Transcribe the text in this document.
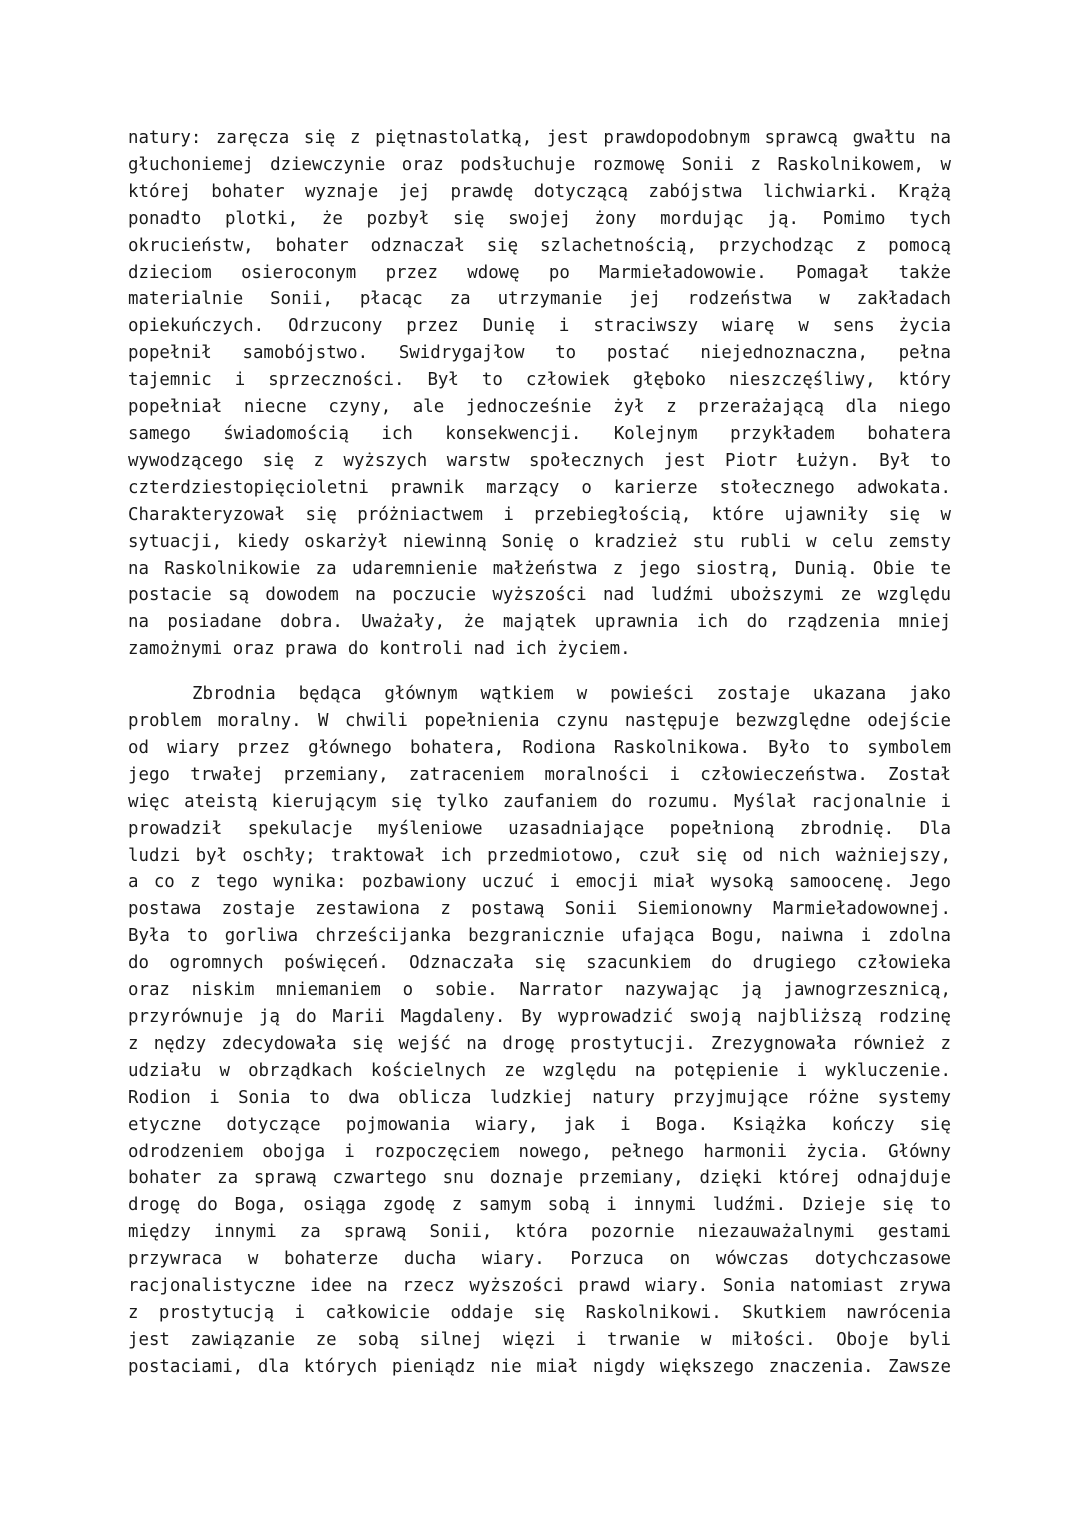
natury: zaręcza się z piętnastolatką, jest prawdopodobnym sprawcą gwałtu na
głuchoniemej dziewczynie oraz podsłuchuje rozmowę Sonii z Raskolnikowem, w
której bohater wyznaje jej prawdę dotyczącą zabójstwa lichwiarki. Krążą
ponadto plotki, że pozbył się swojej żony mordując ją. Pomimo tych
okrucieństw, bohater odznaczał się szlachetnością, przychodząc z pomocą
dzieciom osieroconym przez wdowę po Marmieładowowie. Pomagał także
materialnie Sonii, płacąc za utrzymanie jej rodzeństwa w zakładach
opiekuńczych. Odrzucony przez Dunię i straciwszy wiarę w sens życia
popełnił samobójstwo. Swidrygajłow to postać niejednoznaczna, pełna
tajemnic i sprzeczności. Był to człowiek głęboko nieszczęśliwy, który
popełniał niecne czyny, ale jednocześnie żył z przerażającą dla niego
samego świadomością ich konsekwencji. Kolejnym przykładem bohatera
wywodzącego się z wyższych warstw społecznych jest Piotr Łużyn. Był to
czterdziestopięcioletni prawnik marzący o karierze stołecznego adwokata.
Charakteryzował się próżniactwem i przebiegłością, które ujawniły się w
sytuacji, kiedy oskarżył niewinną Sonię o kradzież stu rubli w celu zemsty
na Raskolnikowie za udaremnienie małżeństwa z jego siostrą, Dunią. Obie te
postacie są dowodem na poczucie wyższości nad ludźmi uboższymi ze względu
na posiadane dobra. Uważały, że majątek uprawnia ich do rządzenia mniej
zamożnymi oraz prawa do kontroli nad ich życiem.

Zbrodnia będąca głównym wątkiem w powieści zostaje ukazana jako
problem moralny. W chwili popełnienia czynu następuje bezwzględne odejście
od wiary przez głównego bohatera, Rodiona Raskolnikowa. Było to symbolem
jego trwałej przemiany, zatraceniem moralności i człowieczeństwa. Został
więc ateistą kierującym się tylko zaufaniem do rozumu. Myślał racjonalnie i
prowadził spekulacje myśleniowe uzasadniające popełnioną zbrodnię. Dla
ludzi był oschły; traktował ich przedmiotowo, czuł się od nich ważniejszy,
a co z tego wynika: pozbawiony uczuć i emocji miał wysoką samoocenę. Jego
postawa zostaje zestawiona z postawą Sonii Siemionowny Marmieładowownej.
Była to gorliwa chrześcijanka bezgranicznie ufająca Bogu, naiwna i zdolna
do ogromnych poświęceń. Odznaczała się szacunkiem do drugiego człowieka
oraz niskim mniemaniem o sobie. Narrator nazywając ją jawnogrzesznicą,
przyrównuje ją do Marii Magdaleny. By wyprowadzić swoją najbliższą rodzinę
z nędzy zdecydowała się wejść na drogę prostytucji. Zrezygnowała również z
udziału w obrządkach kościelnych ze względu na potępienie i wykluczenie.
Rodion i Sonia to dwa oblicza ludzkiej natury przyjmujące różne systemy
etyczne dotyczące pojmowania wiary, jak i Boga. Książka kończy się
odrodzeniem obojga i rozpoczęciem nowego, pełnego harmonii życia. Główny
bohater za sprawą czwartego snu doznaje przemiany, dzięki której odnajduje
drogę do Boga, osiąga zgodę z samym sobą i innymi ludźmi. Dzieje się to
między innymi za sprawą Sonii, która pozornie niezauważalnymi gestami
przywraca w bohaterze ducha wiary. Porzuca on wówczas dotychczasowe
racjonalistyczne idee na rzecz wyższości prawd wiary. Sonia natomiast zrywa
z prostytucją i całkowicie oddaje się Raskolnikowi. Skutkiem nawrócenia
jest zawiązanie ze sobą silnej więzi i trwanie w miłości. Oboje byli
postaciami, dla których pieniądz nie miał nigdy większego znaczenia. Zawsze
